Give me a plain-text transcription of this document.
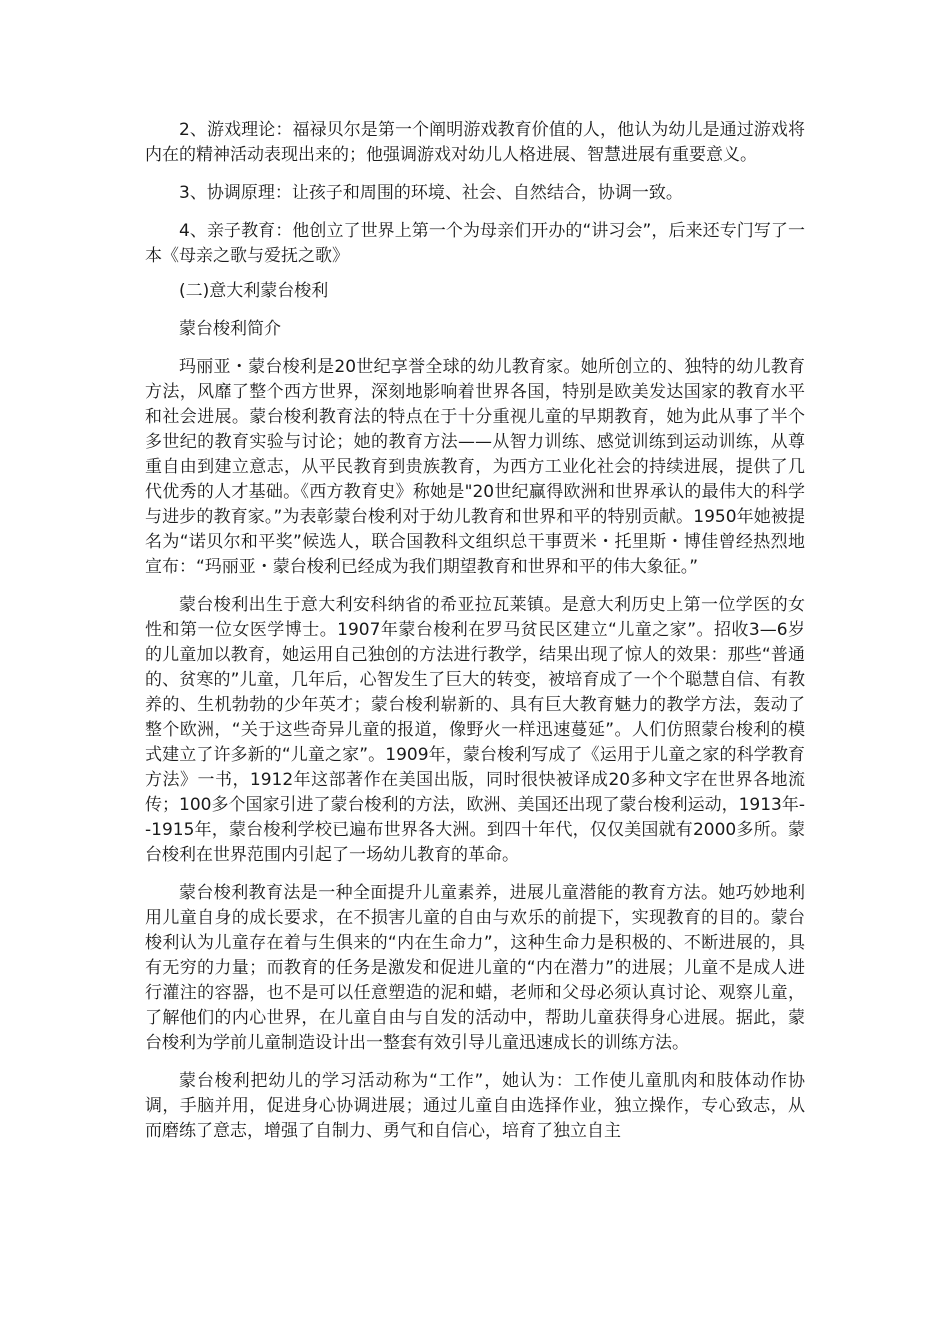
2、游戏理论：福禄贝尔是第一个阐明游戏教育价值的人，他认为幼儿是通过游戏将内在的精神活动表现出来的；他强调游戏对幼儿人格进展、智慧进展有重要意义。

3、协调原理：让孩子和周围的环境、社会、自然结合，协调一致。

4、亲子教育：他创立了世界上第一个为母亲们开办的“讲习会”，后来还专门写了一本《母亲之歌与爱抚之歌》

(二)意大利蒙台梭利

蒙台梭利简介

玛丽亚・蒙台梭利是20世纪享誉全球的幼儿教育家。她所创立的、独特的幼儿教育方法，风靡了整个西方世界，深刻地影响着世界各国，特别是欧美发达国家的教育水平和社会进展。蒙台梭利教育法的特点在于十分重视儿童的早期教育，她为此从事了半个多世纪的教育实验与讨论；她的教育方法——从智力训练、感觉训练到运动训练，从尊重自由到建立意志，从平民教育到贵族教育，为西方工业化社会的持续进展，提供了几代优秀的人才基础。《西方教育史》称她是"20世纪赢得欧洲和世界承认的最伟大的科学与进步的教育家。”为表彰蒙台梭利对于幼儿教育和世界和平的特别贡献。1950年她被提名为“诺贝尔和平奖”候选人，联合国教科文组织总干事贾米・托里斯・博佳曾经热烈地宣布：“玛丽亚・蒙台梭利已经成为我们期望教育和世界和平的伟大象征。”

蒙台梭利出生于意大利安科纳省的希亚拉瓦莱镇。是意大利历史上第一位学医的女性和第一位女医学博士。1907年蒙台梭利在罗马贫民区建立“儿童之家”。招收3—6岁的儿童加以教育，她运用自己独创的方法进行教学，结果出现了惊人的效果：那些“普通的、贫寒的”儿童，几年后，心智发生了巨大的转变，被培育成了一个个聪慧自信、有教养的、生机勃勃的少年英才；蒙台梭利崭新的、具有巨大教育魅力的教学方法，轰动了整个欧洲，“关于这些奇异儿童的报道，像野火一样迅速蔓延”。人们仿照蒙台梭利的模式建立了许多新的“儿童之家”。1909年，蒙台梭利写成了《运用于儿童之家的科学教育方法》一书，1912年这部著作在美国出版，同时很快被译成20多种文字在世界各地流传；100多个国家引进了蒙台梭利的方法，欧洲、美国还出现了蒙台梭利运动，1913年--1915年，蒙台梭利学校已遍布世界各大洲。到四十年代，仅仅美国就有2000多所。蒙台梭利在世界范围内引起了一场幼儿教育的革命。

蒙台梭利教育法是一种全面提升儿童素养，进展儿童潜能的教育方法。她巧妙地利用儿童自身的成长要求，在不损害儿童的自由与欢乐的前提下，实现教育的目的。蒙台梭利认为儿童存在着与生俱来的“内在生命力”，这种生命力是积极的、不断进展的，具有无穷的力量；而教育的任务是激发和促进儿童的“内在潜力”的进展；儿童不是成人进行灌注的容器，也不是可以任意塑造的泥和蜡，老师和父母必须认真讨论、观察儿童，了解他们的内心世界，在儿童自由与自发的活动中，帮助儿童获得身心进展。据此，蒙台梭利为学前儿童制造设计出一整套有效引导儿童迅速成长的训练方法。

蒙台梭利把幼儿的学习活动称为“工作”，她认为：工作使儿童肌肉和肢体动作协调，手脑并用，促进身心协调进展；通过儿童自由选择作业，独立操作，专心致志，从而磨练了意志，增强了自制力、勇气和自信心，培育了独立自主
